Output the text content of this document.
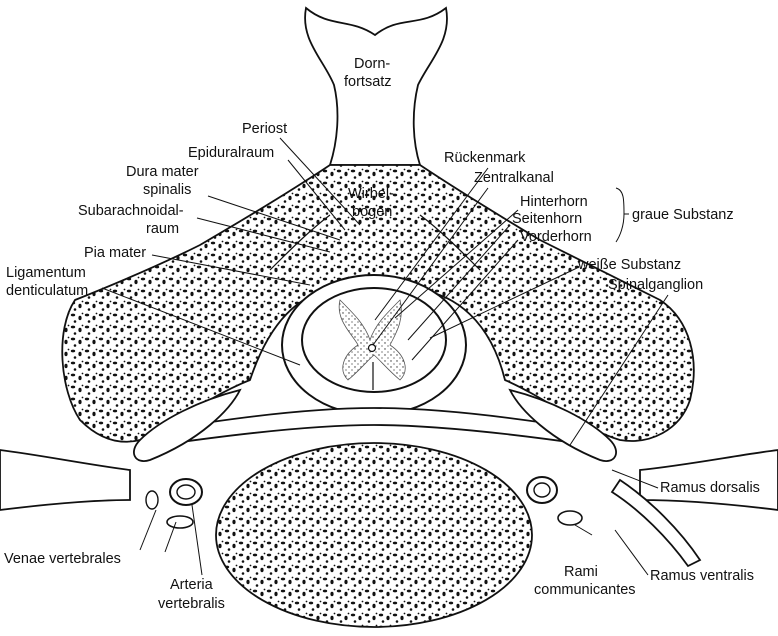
Dorn-
fortsatz
Periost
Epiduralraum
Dura mater
spinalis
Subarachnoidal-
raum
Pia mater
Ligamentum
denticulatum
Wirbel-
bogen
Rückenmark
Zentralkanal
Hinterhorn
Seitenhorn
Vorderhorn
graue Substanz
weiße Substanz
Spinalganglion
Ramus dorsalis
Ramus ventralis
Rami
communicantes
Venae vertebrales
Arteria
vertebralis
